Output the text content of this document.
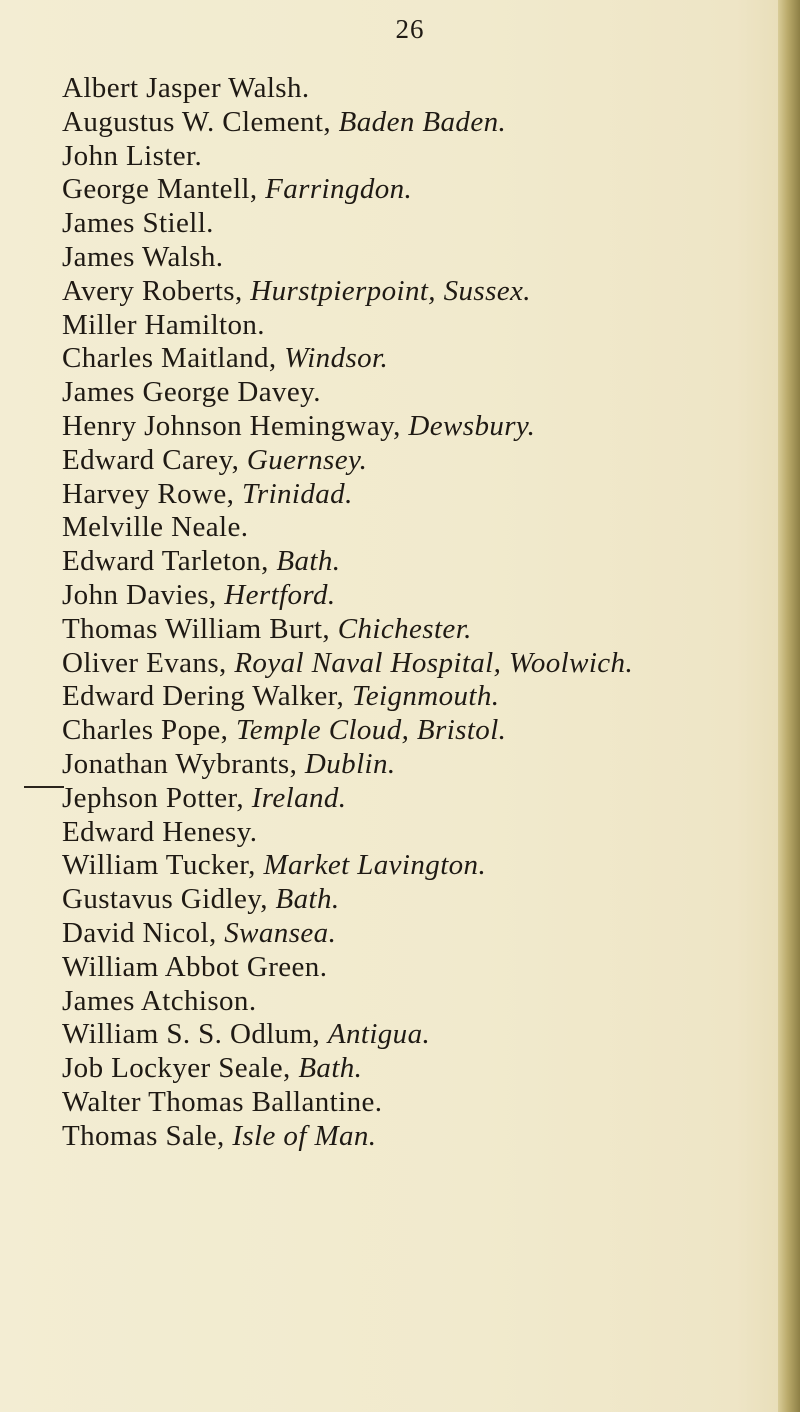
26
Albert Jasper Walsh.
Augustus W. Clement, Baden Baden.
John Lister.
George Mantell, Farringdon.
James Stiell.
James Walsh.
Avery Roberts, Hurstpierpoint, Sussex.
Miller Hamilton.
Charles Maitland, Windsor.
James George Davey.
Henry Johnson Hemingway, Dewsbury.
Edward Carey, Guernsey.
Harvey Rowe, Trinidad.
Melville Neale.
Edward Tarleton, Bath.
John Davies, Hertford.
Thomas William Burt, Chichester.
Oliver Evans, Royal Naval Hospital, Woolwich.
Edward Dering Walker, Teignmouth.
Charles Pope, Temple Cloud, Bristol.
Jonathan Wybrants, Dublin.
Jephson Potter, Ireland.
Edward Henesy.
William Tucker, Market Lavington.
Gustavus Gidley, Bath.
David Nicol, Swansea.
William Abbot Green.
James Atchison.
William S. S. Odlum, Antigua.
Job Lockyer Seale, Bath.
Walter Thomas Ballantine.
Thomas Sale, Isle of Man.
